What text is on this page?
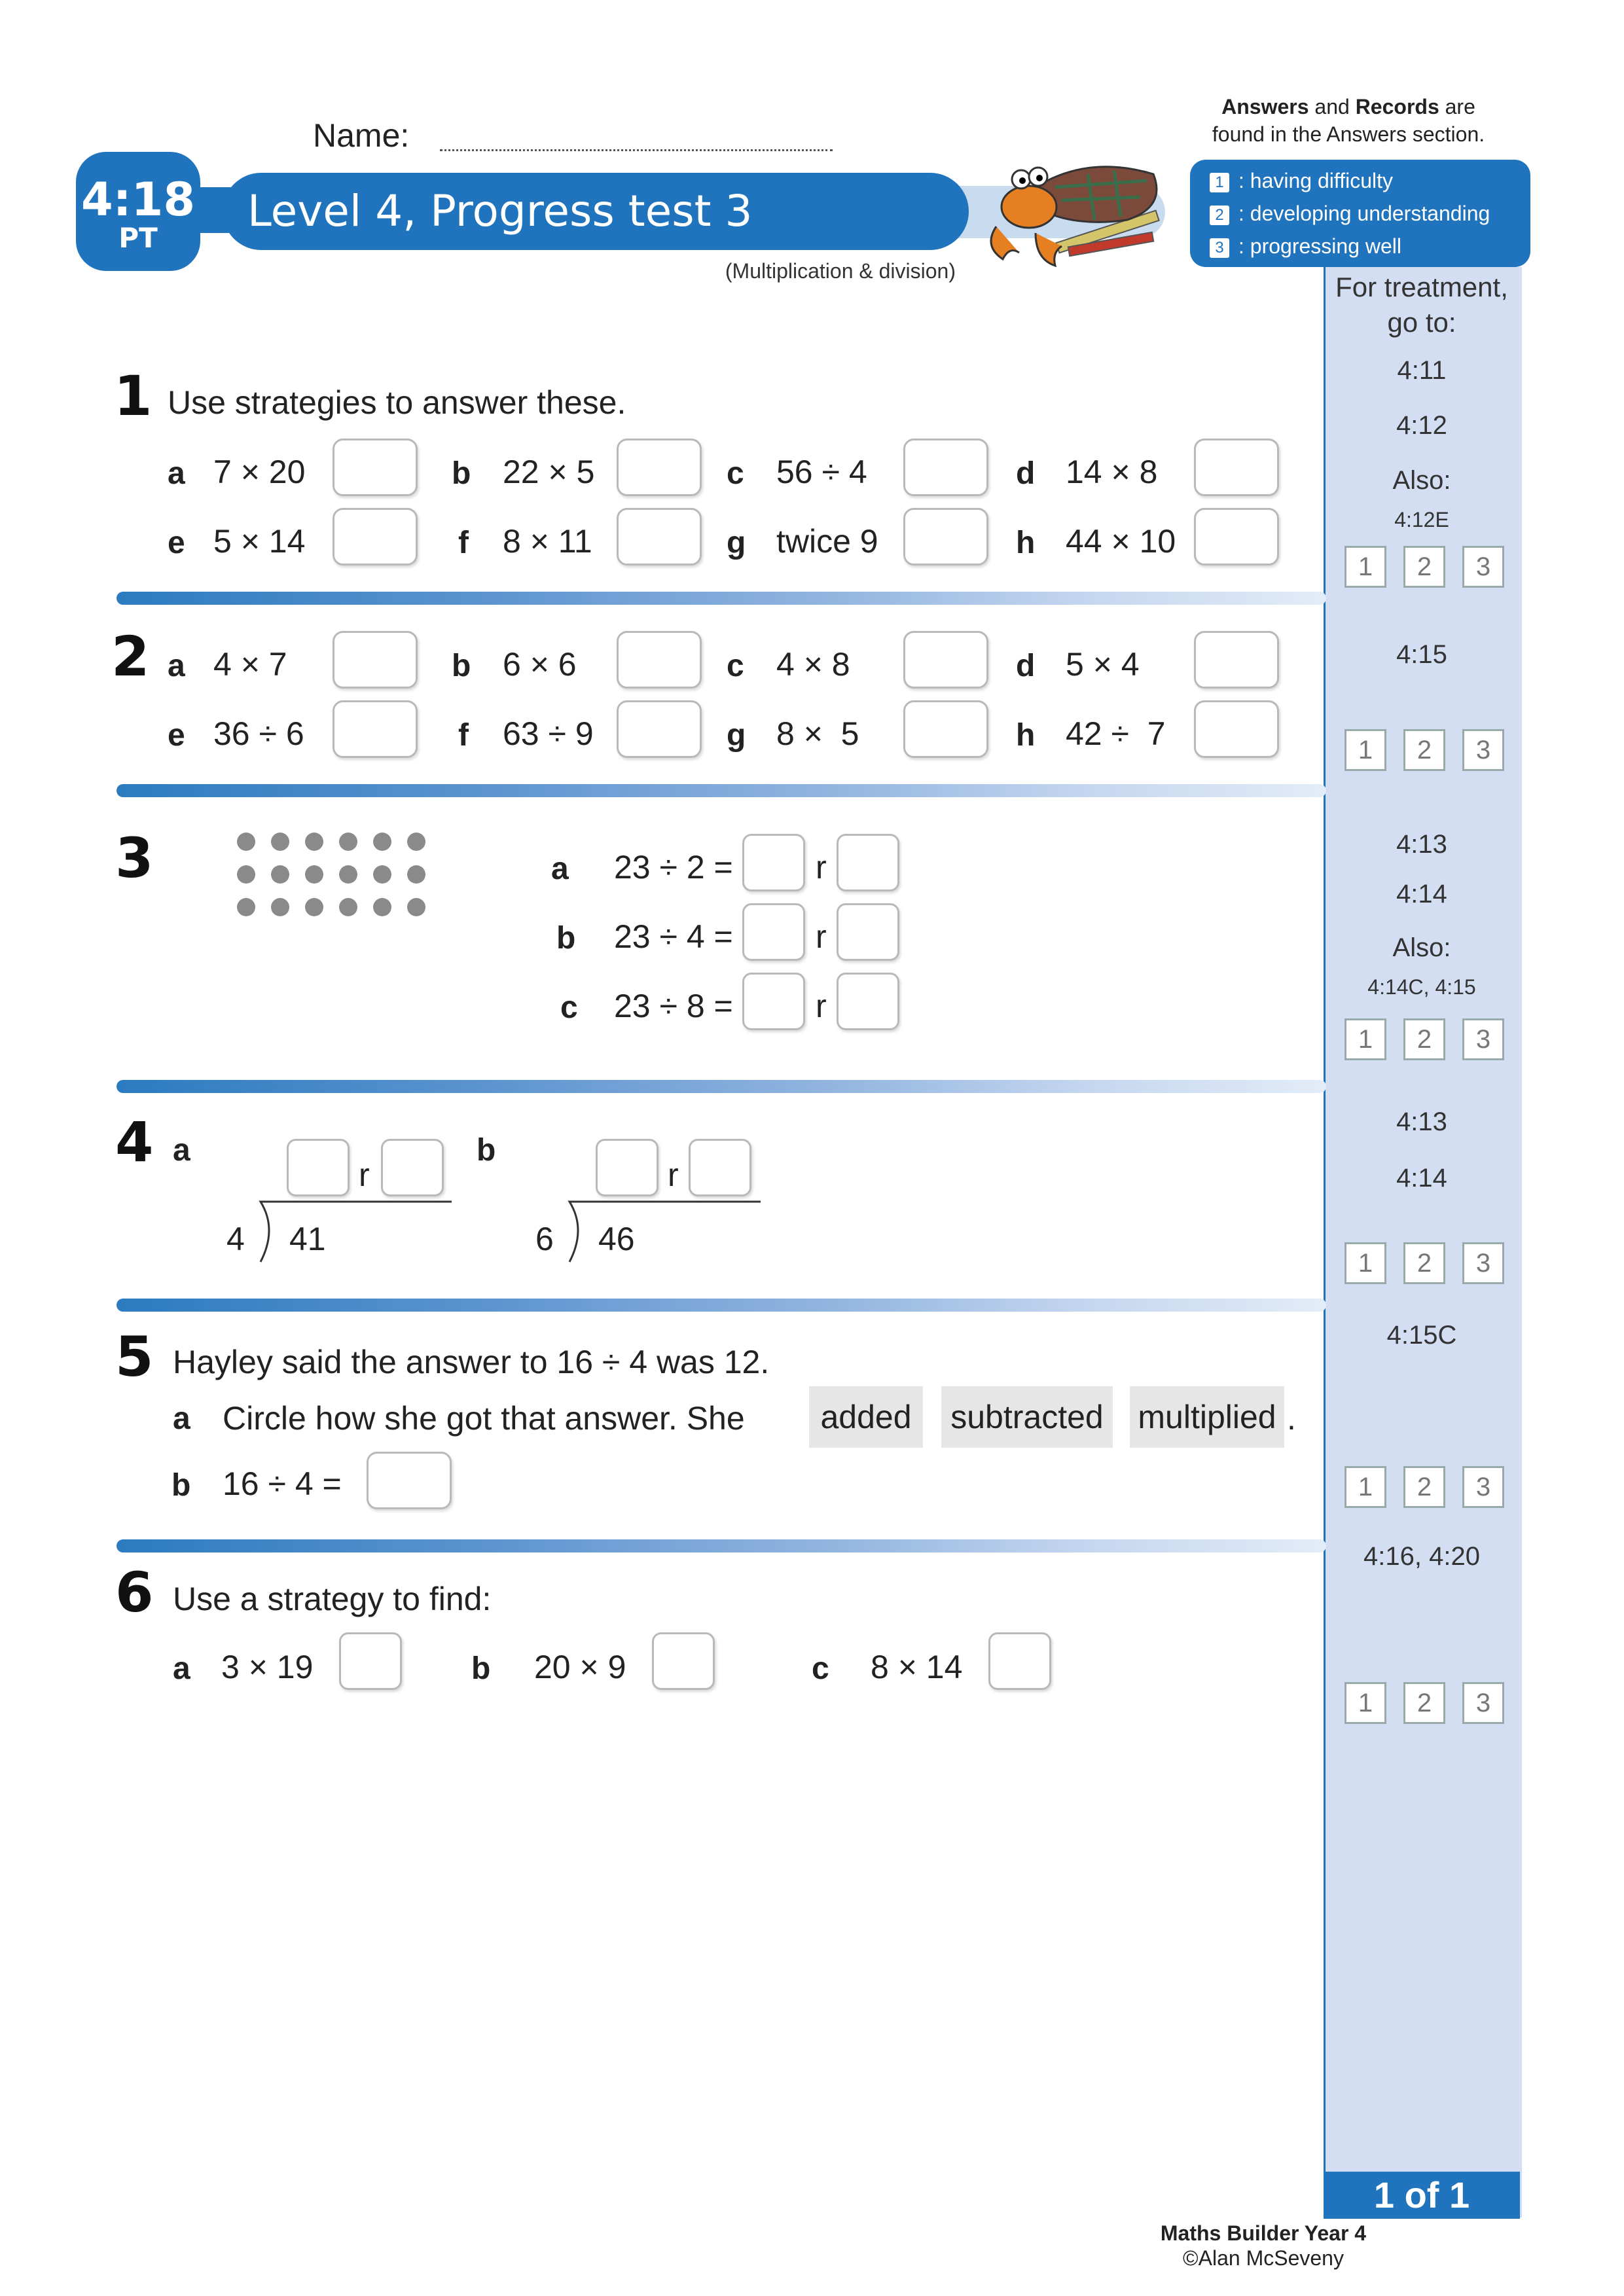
Name:
Answers and Records are
found in the Answers section.
4:18
PT
Level 4, Progress test 3
(Multiplication & division)
1 : having difficulty
2 : developing understanding
3 : progressing well
For treatment,
go to:
4:11
4:12
Also:
4:12E
4:15
4:13
4:14
Also:
4:14C, 4:15
4:13
4:14
4:15C
4:16, 4:20
1	2	3
1	2	3
1	2	3
1	2	3
1	2	3
1	2	3
1 Use strategies to answer these.
a 7 × 20	b 22 × 5	c 56 ÷ 4	d 14 × 8
e 5 × 14	f 8 × 11	g twice 9	h 44 × 10
2 a 4 × 7	b 6 × 6	c 4 × 8	d 5 × 4
e 36 ÷ 6	f 63 ÷ 9	g 8 ×  5	h 42 ÷  7
3	a 23 ÷ 2 =	r
b 23 ÷ 4 =	r
c 23 ÷ 8 =	r
4 a
r
4 41
b
r
6 46
5 Hayley said the answer to 16 ÷ 4 was 12.
a Circle how she got that answer. She	added	subtracted multiplied .
b 16 ÷ 4 =
6 Use a strategy to find:
a 3 × 19	b 20 × 9	c 8 × 14
1 of 1
Maths Builder Year 4
©Alan McSeveny
